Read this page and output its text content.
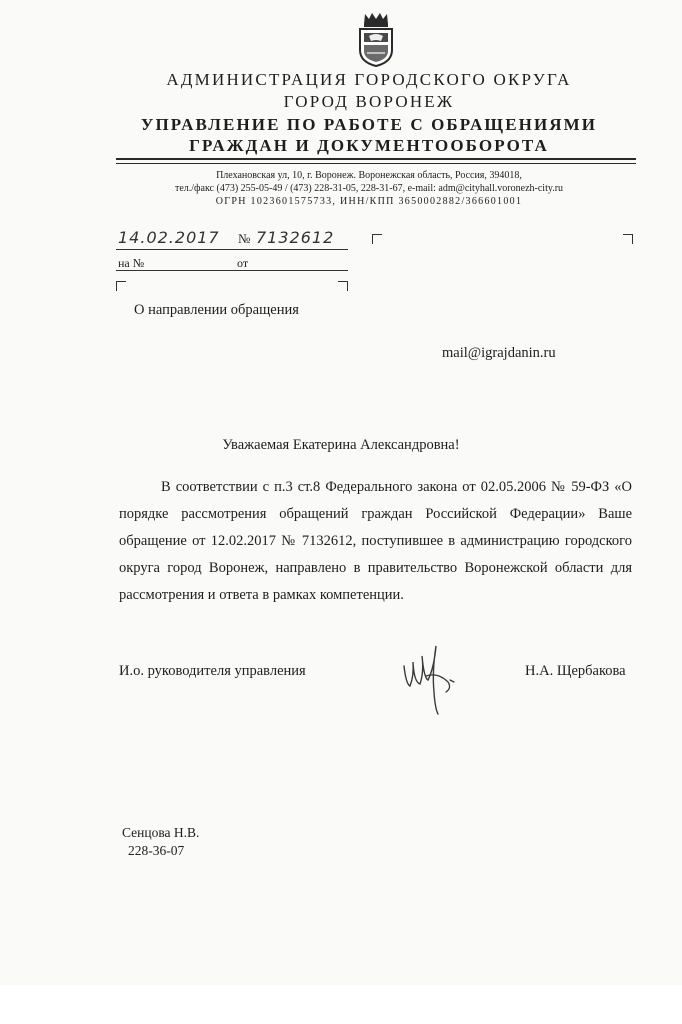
АДМИНИСТРАЦИЯ ГОРОДСКОГО ОКРУГА
ГОРОД ВОРОНЕЖ
УПРАВЛЕНИЕ ПО РАБОТЕ С ОБРАЩЕНИЯМИ
ГРАЖДАН И ДОКУМЕНТООБОРОТА
Плехановская ул, 10, г. Воронеж. Воронежская область, Россия, 394018,
тел./факс (473) 255-05-49 / (473) 228-31-05, 228-31-67, e-mail: adm@cityhall.voronezh-city.ru
ОГРН 1023601575733, ИНН/КПП 3650002882/366601001
14.02.2017 № 7132612
на №	от
О направлении обращения
mail@igrajdanin.ru
Уважаемая Екатерина Александровна!

В соответствии с п.3 ст.8 Федерального закона от 02.05.2006 № 59-ФЗ «О порядке рассмотрения обращений граждан Российской Федерации» Ваше обращение от 12.02.2017 № 7132612, поступившее в администрацию городского округа город Воронеж, направлено в правительство Воронежской области для рассмотрения и ответа в рамках компетенции.

И.о. руководителя управления	Н.А. Щербакова
Сенцова Н.В.
228-36-07
